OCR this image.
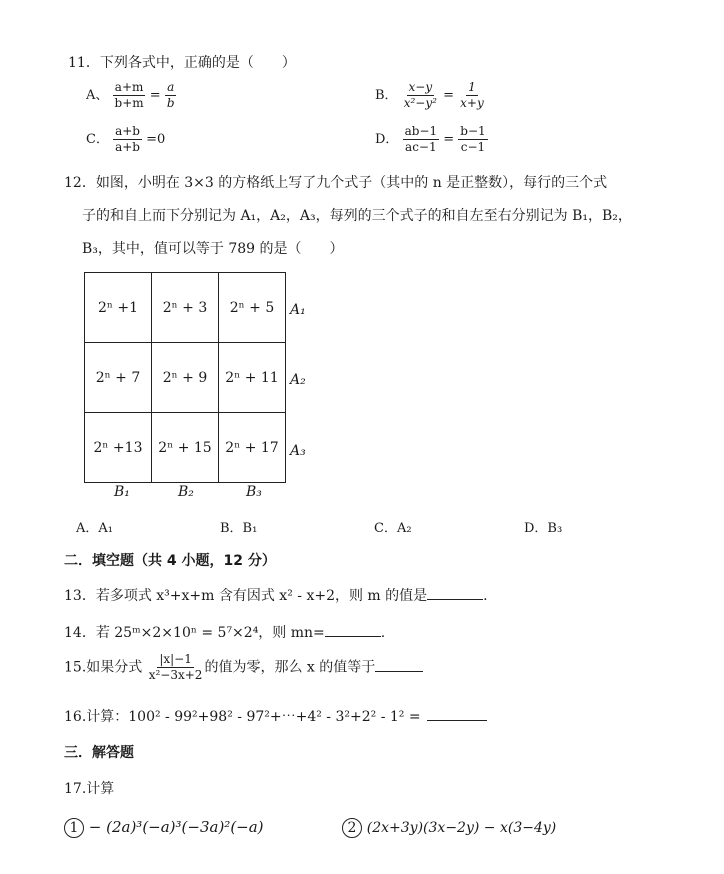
11．下列各式中，正确的是（　　）
A、 $\frac{a+m}{b+m} = \frac{a}{b}$	B． $\frac{x-y}{\text{x²−y²}} = \frac{1}{x+y}$
C． $\frac{a+b}{a+b} =0$	D． $\frac{ab-1}{ac-1} = \frac{b-1}{c-1}$
12．如图，小明在 3×3 的方格纸上写了九个式子（其中的 n 是正整数），每行的三个式
子的和自上而下分别记为 A₁，A₂，A₃，每列的三个式子的和自左至右分别记为 B₁，B₂，
B₃，其中，值可以等于 789 的是（　　）
2ⁿ +1	2ⁿ + 3	2ⁿ + 5
2ⁿ + 7	2ⁿ + 9	2ⁿ + 11
2ⁿ +13	2ⁿ + 15	2ⁿ + 17
A₁
A₂
A₃
B₁	B₂	B₃
A．A₁	B．B₁	C．A₂	D．B₃
二．填空题（共 4 小题，12 分）
13．若多项式 x³+x+m 含有因式 x² - x+2，则 m 的值是	.
14．若 25ᵐ×2×10ⁿ = 5⁷×2⁴，则 mn=	.
15.如果分式 $\frac{|x|-1}{\text{x²−3x+2}}$ 的值为零，那么 x 的值等于
16.计算：100² - 99²+98² - 97²+⋯+4² - 3²+2² - 1² =
三．解答题
17.计算
1 − (2a)³(−a)³(−3a)²(−a)	2 (2x+3y)(3x−2y) − x(3−4y)
